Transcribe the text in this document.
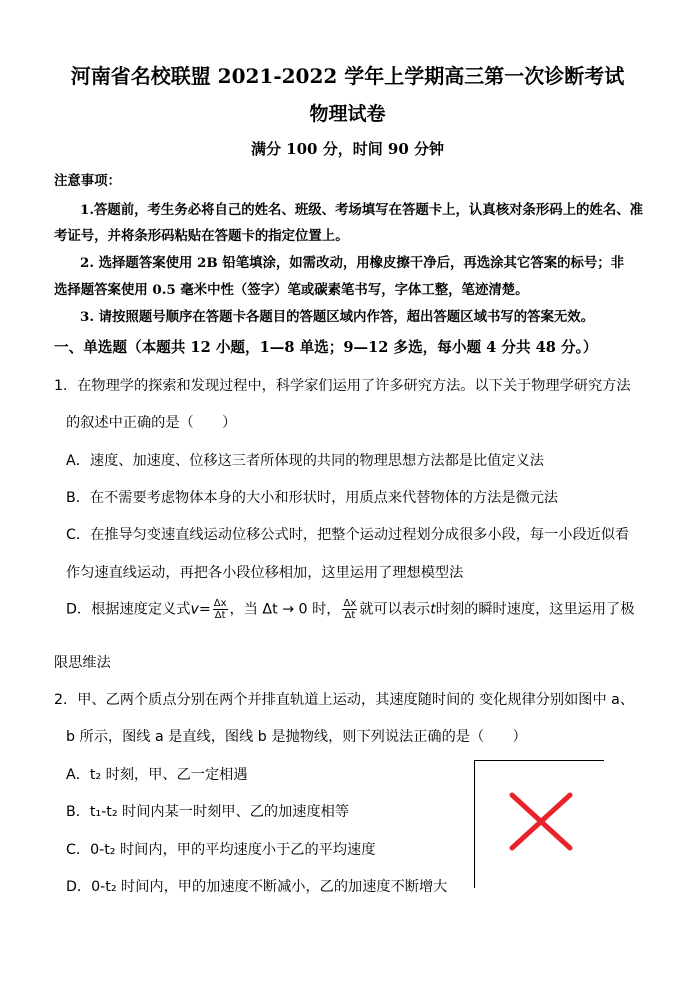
河南省名校联盟 2021-2022 学年上学期高三第一次诊断考试
物理试卷
满分 100 分，时间 90 分钟
注意事项：
1.答题前，考生务必将自己的姓名、班级、考场填写在答题卡上，认真核对条形码上的姓名、准
考证号，并将条形码粘贴在答题卡的指定位置上。
2. 选择题答案使用 2B 铅笔填涂，如需改动，用橡皮擦干净后，再选涂其它答案的标号；非
选择题答案使用 0.5 毫米中性（签字）笔或碳素笔书写，字体工整，笔迹清楚。
3. 请按照题号顺序在答题卡各题目的答题区域内作答，超出答题区域书写的答案无效。
一、单选题（本题共 12 小题，1—8 单选；9—12 多选，每小题 4 分共 48 分。）
1．在物理学的探索和发现过程中，科学家们运用了许多研究方法。以下关于物理学研究方法
的叙述中正确的是（　　）
A．速度、加速度、位移这三者所体现的共同的物理思想方法都是比值定义法
B．在不需要考虑物体本身的大小和形状时，用质点来代替物体的方法是微元法
C．在推导匀变速直线运动位移公式时，把整个运动过程划分成很多小段，每一小段近似看
作匀速直线运动，再把各小段位移相加，这里运用了理想模型法
D．根据速度定义式$v= \frac{\Delta x}{\Delta t}$ ，当 Δt → 0 时， $\frac{\Delta x}{\Delta t}$ 就可以表示t时刻的瞬时速度，这里运用了极
限思维法
2．甲、乙两个质点分别在两个并排直轨道上运动，其速度随时间的 变化规律分别如图中 a、
b 所示，图线 a 是直线，图线 b 是抛物线，则下列说法正确的是（　　）
A．t₂ 时刻，甲、乙一定相遇
B．t₁-t₂ 时间内某一时刻甲、乙的加速度相等
C．0-t₂ 时间内，甲的平均速度小于乙的平均速度
D．0-t₂ 时间内，甲的加速度不断减小，乙的加速度不断增大
